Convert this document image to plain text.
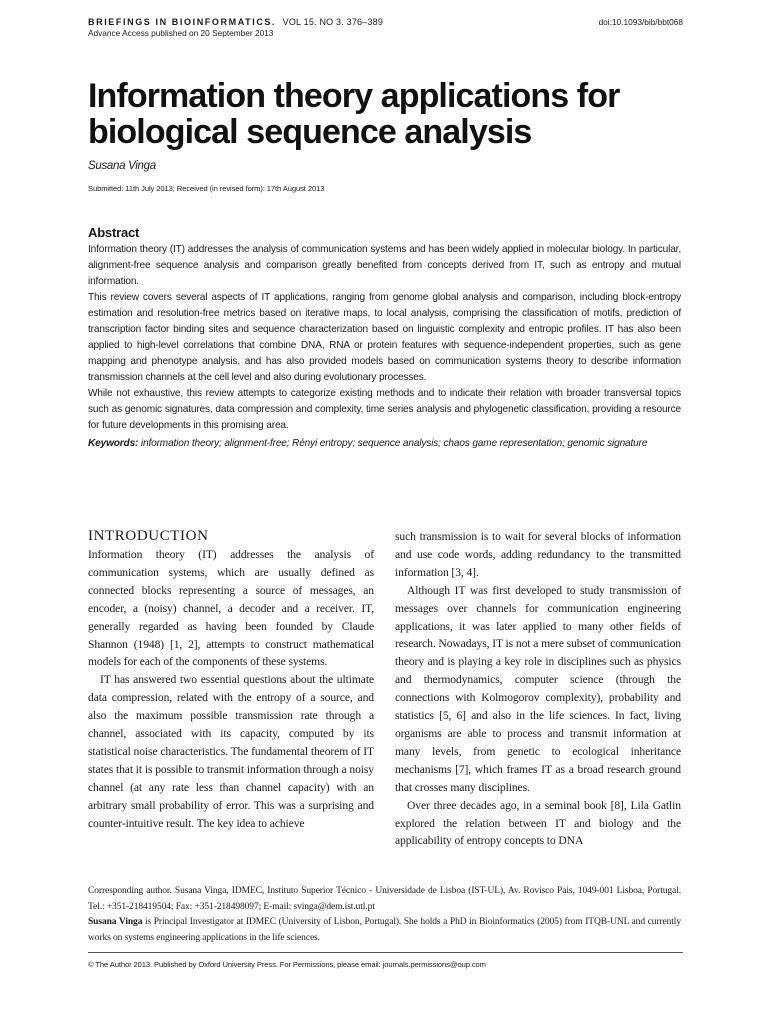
BRIEFINGS IN BIOINFORMATICS. VOL 15. NO 3. 376–389
Advance Access published on 20 September 2013
doi:10.1093/bib/bbt068
Information theory applications for biological sequence analysis
Susana Vinga
Submitted: 11th July 2013; Received (in revised form): 17th August 2013
Abstract

Information theory (IT) addresses the analysis of communication systems and has been widely applied in molecular biology. In particular, alignment-free sequence analysis and comparison greatly benefited from concepts derived from IT, such as entropy and mutual information.

This review covers several aspects of IT applications, ranging from genome global analysis and comparison, including block-entropy estimation and resolution-free metrics based on iterative maps, to local analysis, comprising the classification of motifs, prediction of transcription factor binding sites and sequence characterization based on linguistic complexity and entropic profiles. IT has also been applied to high-level correlations that combine DNA, RNA or protein features with sequence-independent properties, such as gene mapping and phenotype analysis, and has also provided models based on communication systems theory to describe information transmission channels at the cell level and also during evolutionary processes.

While not exhaustive, this review attempts to categorize existing methods and to indicate their relation with broader transversal topics such as genomic signatures, data compression and complexity, time series analysis and phylogenetic classification, providing a resource for future developments in this promising area.

Keywords: information theory; alignment-free; Rényi entropy; sequence analysis; chaos game representation; genomic signature
INTRODUCTION

Information theory (IT) addresses the analysis of communication systems, which are usually defined as connected blocks representing a source of messages, an encoder, a (noisy) channel, a decoder and a receiver. IT, generally regarded as having been founded by Claude Shannon (1948) [1, 2], attempts to construct mathematical models for each of the components of these systems.

IT has answered two essential questions about the ultimate data compression, related with the entropy of a source, and also the maximum possible transmission rate through a channel, associated with its capacity, computed by its statistical noise characteristics. The fundamental theorem of IT states that it is possible to transmit information through a noisy channel (at any rate less than channel capacity) with an arbitrary small probability of error. This was a surprising and counter-intuitive result. The key idea to achieve

such transmission is to wait for several blocks of information and use code words, adding redundancy to the transmitted information [3, 4].

Although IT was first developed to study transmission of messages over channels for communication engineering applications, it was later applied to many other fields of research. Nowadays, IT is not a mere subset of communication theory and is playing a key role in disciplines such as physics and thermodynamics, computer science (through the connections with Kolmogorov complexity), probability and statistics [5, 6] and also in the life sciences. In fact, living organisms are able to process and transmit information at many levels, from genetic to ecological inheritance mechanisms [7], which frames IT as a broad research ground that crosses many disciplines.

Over three decades ago, in a seminal book [8], Lila Gatlin explored the relation between IT and biology and the applicability of entropy concepts to DNA

Corresponding author. Susana Vinga, IDMEC, Instituto Superior Técnico - Universidade de Lisboa (IST-UL), Av. Rovisco Pais, 1049-001 Lisboa, Portugal. Tel.: +351-218419504; Fax: +351-218498097; E-mail: svinga@dem.ist.utl.pt

Susana Vinga is Principal Investigator at IDMEC (University of Lisbon, Portugal). She holds a PhD in Bioinformatics (2005) from ITQB-UNL and currently works on systems engineering applications in the life sciences.

© The Author 2013. Published by Oxford University Press. For Permissions, please email: journals.permissions@oup.com
